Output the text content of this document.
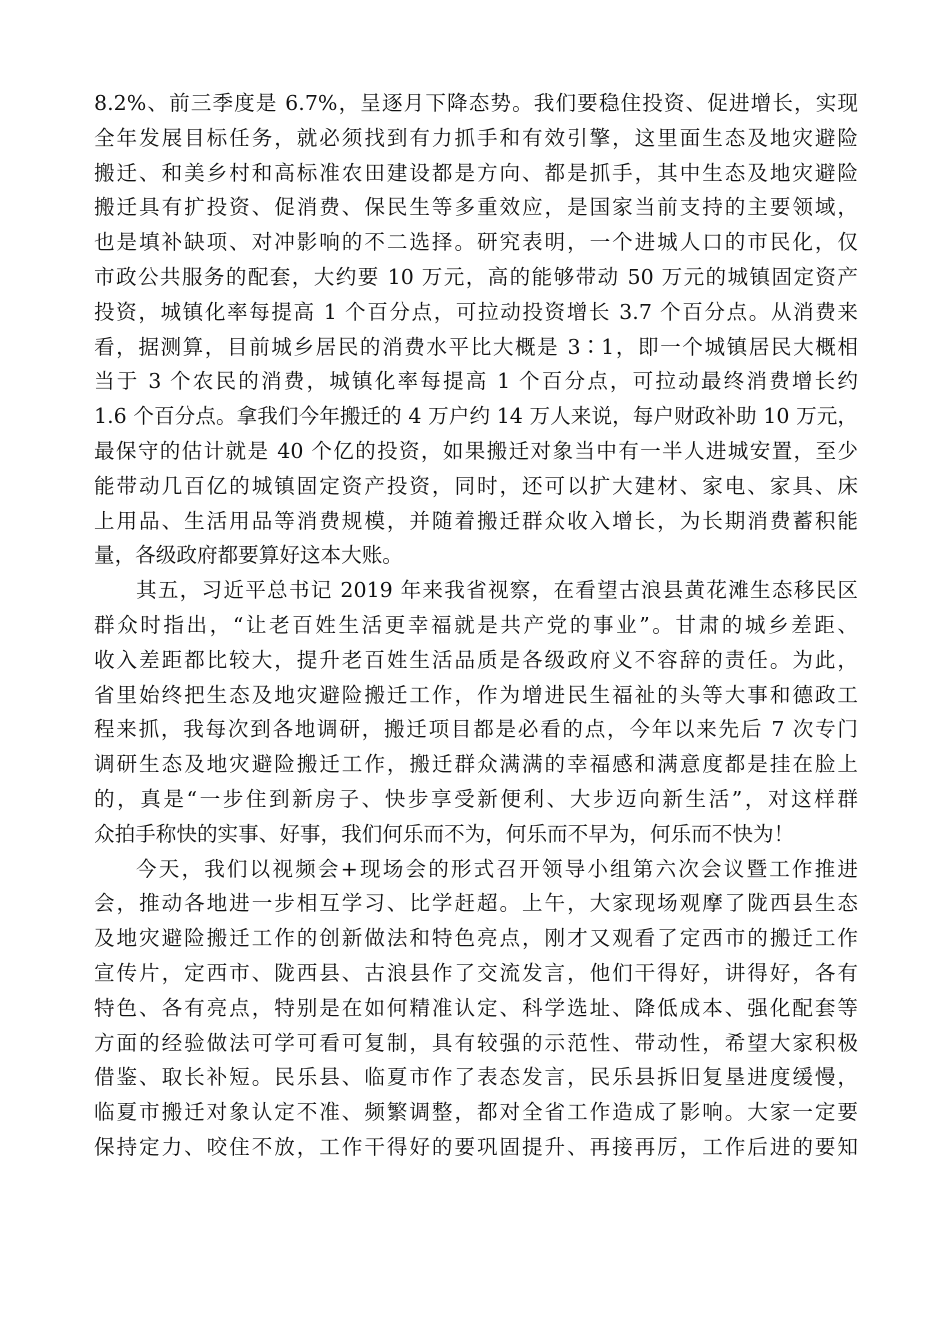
8.2%、前三季度是 6.7%，呈逐月下降态势。我们要稳住投资、促进增长，实现
全年发展目标任务，就必须找到有力抓手和有效引擎，这里面生态及地灾避险
搬迁、和美乡村和高标准农田建设都是方向、都是抓手，其中生态及地灾避险
搬迁具有扩投资、促消费、保民生等多重效应，是国家当前支持的主要领域，
也是填补缺项、对冲影响的不二选择。研究表明，一个进城人口的市民化，仅
市政公共服务的配套，大约要 10 万元，高的能够带动 50 万元的城镇固定资产
投资，城镇化率每提高 1 个百分点，可拉动投资增长 3.7 个百分点。从消费来
看，据测算，目前城乡居民的消费水平比大概是 3∶1，即一个城镇居民大概相
当于 3 个农民的消费，城镇化率每提高 1 个百分点，可拉动最终消费增长约
1.6 个百分点。拿我们今年搬迁的 4 万户约 14 万人来说，每户财政补助 10 万元，
最保守的估计就是 40 个亿的投资，如果搬迁对象当中有一半人进城安置，至少
能带动几百亿的城镇固定资产投资，同时，还可以扩大建材、家电、家具、床
上用品、生活用品等消费规模，并随着搬迁群众收入增长，为长期消费蓄积能
量，各级政府都要算好这本大账。
其五，习近平总书记 2019 年来我省视察，在看望古浪县黄花滩生态移民区
群众时指出，“让老百姓生活更幸福就是共产党的事业”。甘肃的城乡差距、
收入差距都比较大，提升老百姓生活品质是各级政府义不容辞的责任。为此，
省里始终把生态及地灾避险搬迁工作，作为增进民生福祉的头等大事和德政工
程来抓，我每次到各地调研，搬迁项目都是必看的点，今年以来先后 7 次专门
调研生态及地灾避险搬迁工作，搬迁群众满满的幸福感和满意度都是挂在脸上
的，真是“一步住到新房子、快步享受新便利、大步迈向新生活”，对这样群
众拍手称快的实事、好事，我们何乐而不为，何乐而不早为，何乐而不快为！
今天，我们以视频会+现场会的形式召开领导小组第六次会议暨工作推进
会，推动各地进一步相互学习、比学赶超。上午，大家现场观摩了陇西县生态
及地灾避险搬迁工作的创新做法和特色亮点，刚才又观看了定西市的搬迁工作
宣传片，定西市、陇西县、古浪县作了交流发言，他们干得好，讲得好，各有
特色、各有亮点，特别是在如何精准认定、科学选址、降低成本、强化配套等
方面的经验做法可学可看可复制，具有较强的示范性、带动性，希望大家积极
借鉴、取长补短。民乐县、临夏市作了表态发言，民乐县拆旧复垦进度缓慢，
临夏市搬迁对象认定不准、频繁调整，都对全省工作造成了影响。大家一定要
保持定力、咬住不放，工作干得好的要巩固提升、再接再厉，工作后进的要知
